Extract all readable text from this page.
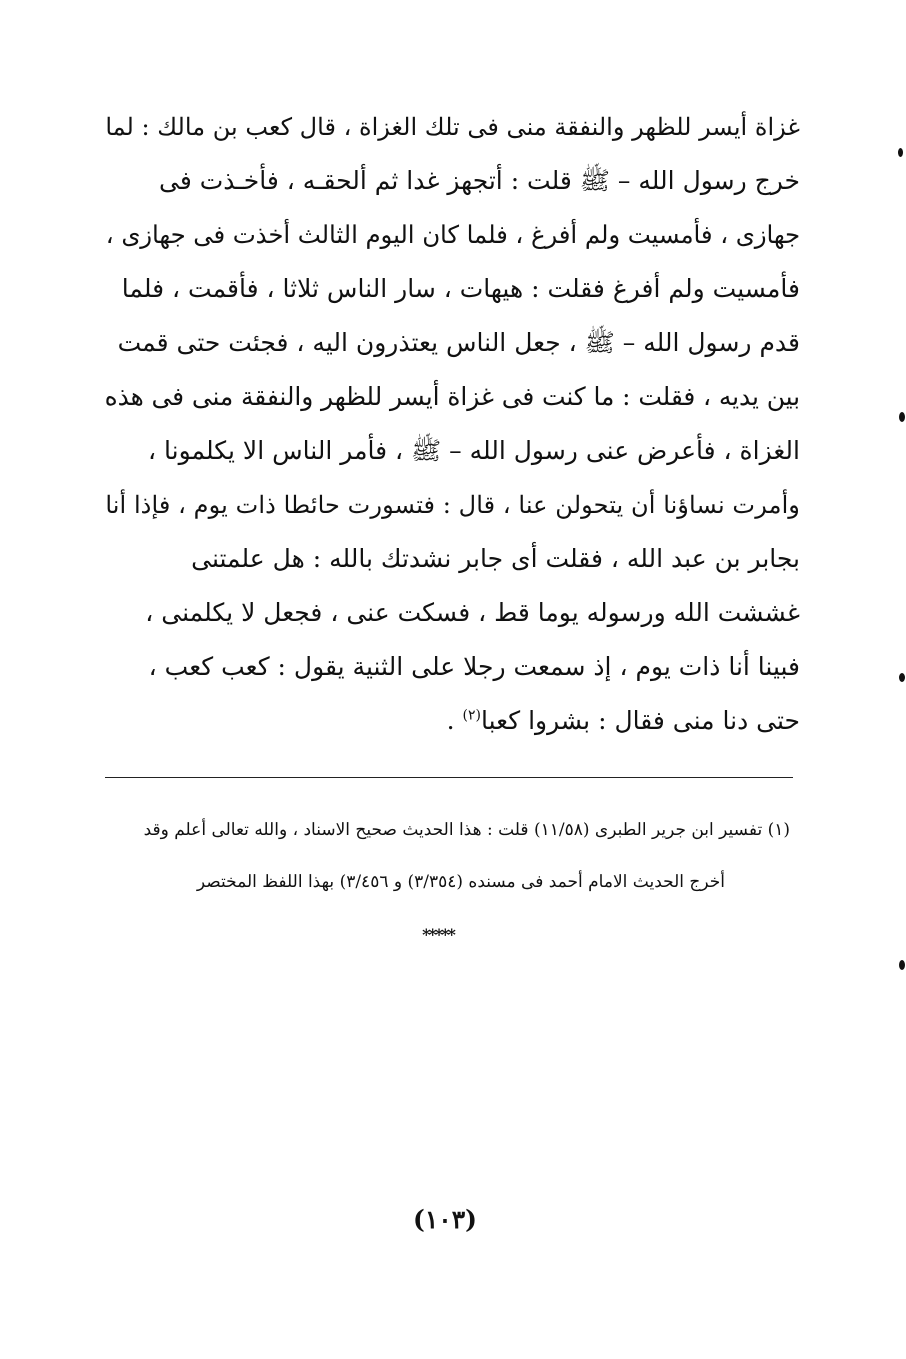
غزاة أيسر للظهر والنفقة منى فى تلك الغزاة ، قال كعب بن مالك : لما
خرج رسول الله – ﷺ قلت : أتجهز غدا ثم ألحقـه ، فأخـذت فى
جهازى ، فأمسيت ولم أفرغ ، فلما كان اليوم الثالث أخذت فى جهازى ،
فأمسيت ولم أفرغ فقلت : هيهات ، سار الناس ثلاثا ، فأقمت ، فلما
قدم رسول الله – ﷺ ، جعل الناس يعتذرون اليه ، فجئت حتى قمت
بين يديه ، فقلت : ما كنت فى غزاة أيسر للظهر والنفقة منى فى هذه
الغزاة ، فأعرض عنى رسول الله – ﷺ ، فأمر الناس الا يكلمونا ،
وأمرت نساؤنا أن يتحولن عنا ، قال : فتسورت حائطا ذات يوم ، فإذا أنا
بجابر بن عبد الله ، فقلت أى جابر نشدتك بالله : هل علمتنى
غششت الله ورسوله يوما قط ، فسكت عنى ، فجعل لا يكلمنى ،
فبينا أنا ذات يوم ، إذ سمعت رجلا على الثنية يقول : كعب كعب ،
حتى دنا منى فقال : بشروا كعبا$^{(٢)}$ .
(١) تفسير ابن جرير الطبرى (١١/٥٨) قلت : هذا الحديث صحيح الاسناد ، والله تعالى أعلم وقد
أخرج الحديث الامام أحمد فى مسنده (٣/٣٥٤) و ٣/٤٥٦) بهذا اللفظ المختصر
*****
(١٠٣)
